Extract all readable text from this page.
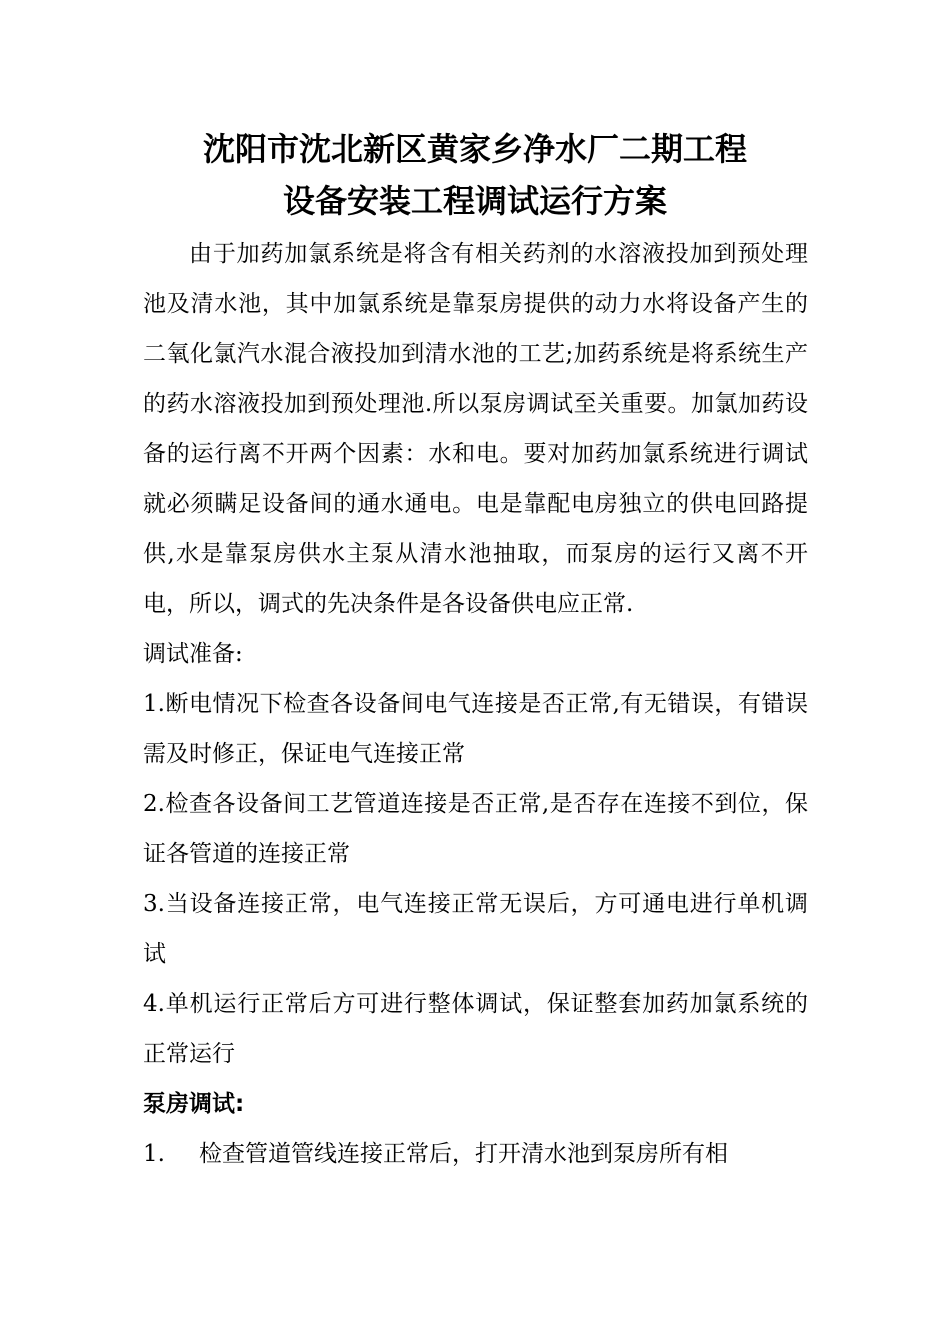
沈阳市沈北新区黄家乡净水厂二期工程
设备安装工程调试运行方案

由于加药加氯系统是将含有相关药剂的水溶液投加到预处理池及清水池，其中加氯系统是靠泵房提供的动力水将设备产生的二氧化氯汽水混合液投加到清水池的工艺;加药系统是将系统生产的药水溶液投加到预处理池.所以泵房调试至关重要。加氯加药设备的运行离不开两个因素：水和电。要对加药加氯系统进行调试就必须瞒足设备间的通水通电。电是靠配电房独立的供电回路提供,水是靠泵房供水主泵从清水池抽取，而泵房的运行又离不开电，所以，调式的先决条件是各设备供电应正常.

调试准备:

1.断电情况下检查各设备间电气连接是否正常,有无错误，有错误需及时修正，保证电气连接正常

2.检查各设备间工艺管道连接是否正常,是否存在连接不到位，保证各管道的连接正常

3.当设备连接正常，电气连接正常无误后，方可通电进行单机调试

4.单机运行正常后方可进行整体调试，保证整套加药加氯系统的正常运行

泵房调试:

1. 检查管道管线连接正常后，打开清水池到泵房所有相
